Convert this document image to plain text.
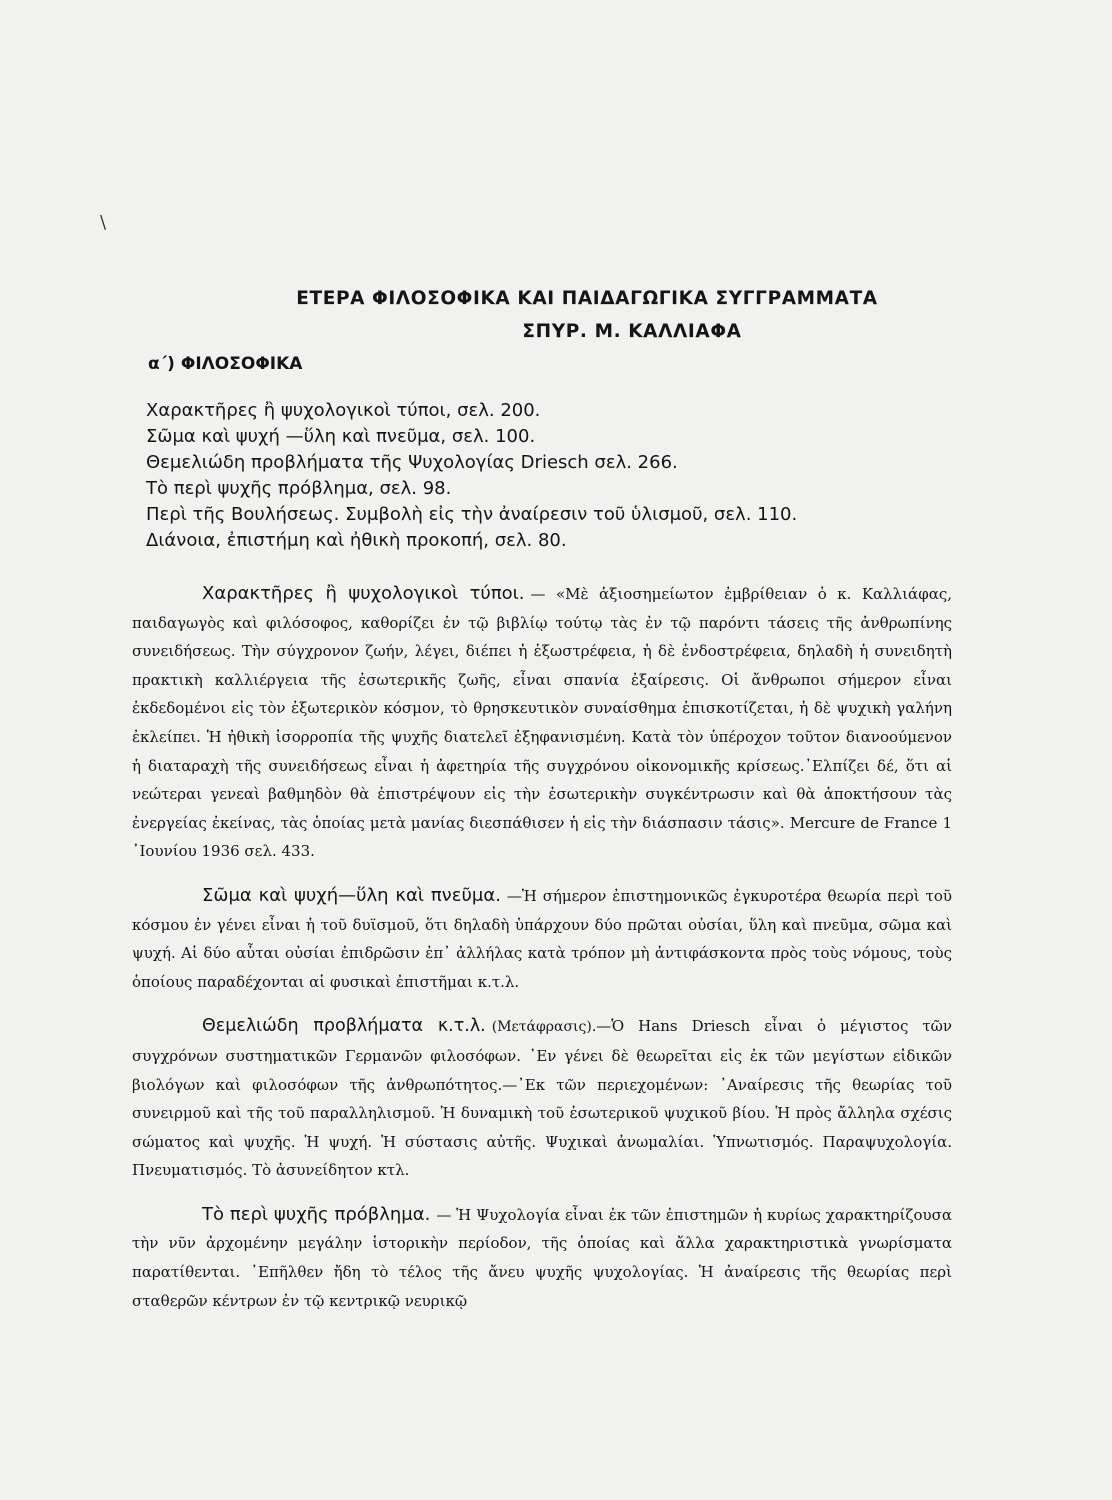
\
ΕΤΕΡΑ ΦΙΛΟΣΟΦΙΚΑ ΚΑΙ ΠΑΙΔΑΓΩΓΙΚΑ ΣΥΓΓΡΑΜΜΑΤΑ
ΣΠΥΡ. Μ. ΚΑΛΛΙΑΦΑ
α΄) ΦΙΛΟΣΟΦΙΚΑ
Χαρακτῆρες ἢ ψυχολογικοὶ τύποι, σελ. 200.
Σῶμα καὶ ψυχή —ὕλη καὶ πνεῦμα, σελ. 100.
Θεμελιώδη προβλήματα τῆς Ψυχολογίας Driesch σελ. 266.
Τὸ περὶ ψυχῆς πρόβλημα, σελ. 98.
Περὶ τῆς Βουλήσεως. Συμβολὴ εἰς τὴν ἀναίρεσιν τοῦ ὑλισμοῦ, σελ. 110.
Διάνοια, ἐπιστήμη καὶ ἠθικὴ προκοπή, σελ. 80.

Χαρακτῆρες ἢ ψυχολογικοὶ τύποι. — «Μὲ ἀξιοσημείωτον ἐμβρίθειαν ὁ κ. Καλλιάφας, παιδαγωγὸς καὶ φιλόσοφος, καθορίζει ἐν τῷ βιβλίῳ τούτῳ τὰς ἐν τῷ παρόντι τάσεις τῆς ἀνθρωπίνης συνειδήσεως. Τὴν σύγχρονον ζωήν, λέγει, διέπει ἡ ἐξωστρέφεια, ἡ δὲ ἐνδοστρέφεια, δηλαδὴ ἡ συνειδητὴ πρακτικὴ καλλιέργεια τῆς ἐσωτερικῆς ζωῆς, εἶναι σπανία ἐξαίρεσις. Οἱ ἄνθρωποι σήμερον εἶναι ἐκδεδομένοι εἰς τὸν ἐξωτερικὸν κόσμον, τὸ θρησκευτικὸν συναίσθημα ἐπισκοτίζεται, ἡ δὲ ψυχικὴ γαλήνη ἐκλείπει. Ἡ ἠθικὴ ἰσορροπία τῆς ψυχῆς διατελεῖ ἐξηφανισμένη. Κατὰ τὸν ὑπέροχον τοῦτον διανοούμενον ἡ διαταραχὴ τῆς συνειδήσεως εἶναι ἡ ἀφετηρία τῆς συγχρόνου οἰκονομικῆς κρίσεως.᾿Ελπίζει δέ, ὅτι αἱ νεώτεραι γενεαὶ βαθμηδὸν θὰ ἐπιστρέψουν εἰς τὴν ἐσωτερικὴν συγκέντρωσιν καὶ θὰ ἀποκτήσουν τὰς ἐνεργείας ἐκείνας, τὰς ὁποίας μετὰ μανίας διεσπάθισεν ἡ εἰς τὴν διάσπασιν τάσις». Mercure de France 1 ᾿Ιουνίου 1936 σελ. 433.

Σῶμα καὶ ψυχή—ὕλη καὶ πνεῦμα. —Ἡ σήμερον ἐπιστημονικῶς ἐγκυροτέρα θεωρία περὶ τοῦ κόσμου ἐν γένει εἶναι ἡ τοῦ δυϊσμοῦ, ὅτι δηλαδὴ ὑπάρχουν δύο πρῶται οὐσίαι, ὕλη καὶ πνεῦμα, σῶμα καὶ ψυχή. Αἱ δύο αὗται οὐσίαι ἐπιδρῶσιν ἐπ᾿ ἀλλήλας κατὰ τρόπον μὴ ἀντιφάσκοντα πρὸς τοὺς νόμους, τοὺς ὁποίους παραδέχονται αἱ φυσικαὶ ἐπιστῆμαι κ.τ.λ.

Θεμελιώδη προβλήματα κ.τ.λ. (Μετάφρασις).—Ὁ Hans Driesch εἶναι ὁ μέγιστος τῶν συγχρόνων συστηματικῶν Γερμανῶν φιλοσόφων. ᾿Εν γένει δὲ θεωρεῖται εἰς ἐκ τῶν μεγίστων εἰδικῶν βιολόγων καὶ φιλοσόφων τῆς ἀνθρωπότητος.—᾿Εκ τῶν περιεχομένων: ᾿Αναίρεσις τῆς θεωρίας τοῦ συνειρμοῦ καὶ τῆς τοῦ παραλληλισμοῦ. Ἡ δυναμικὴ τοῦ ἐσωτερικοῦ ψυχικοῦ βίου. Ἡ πρὸς ἄλληλα σχέσις σώματος καὶ ψυχῆς. Ἡ ψυχή. Ἡ σύστασις αὐτῆς. Ψυχικαὶ ἀνωμαλίαι. Ὑπνωτισμός. Παραψυχολογία. Πνευματισμός. Τὸ ἀσυνείδητον κτλ.

Τὸ περὶ ψυχῆς πρόβλημα. — Ἡ Ψυχολογία εἶναι ἐκ τῶν ἐπιστημῶν ἡ κυρίως χαρακτηρίζουσα τὴν νῦν ἀρχομένην μεγάλην ἱστορικὴν περίοδον, τῆς ὁποίας καὶ ἄλλα χαρακτηριστικὰ γνωρίσματα παρατίθενται. ᾿Επῆλθεν ἤδη τὸ τέλος τῆς ἄνευ ψυχῆς ψυχολογίας. Ἡ ἀναίρεσις τῆς θεωρίας περὶ σταθερῶν κέντρων ἐν τῷ κεντρικῷ νευρικῷ
